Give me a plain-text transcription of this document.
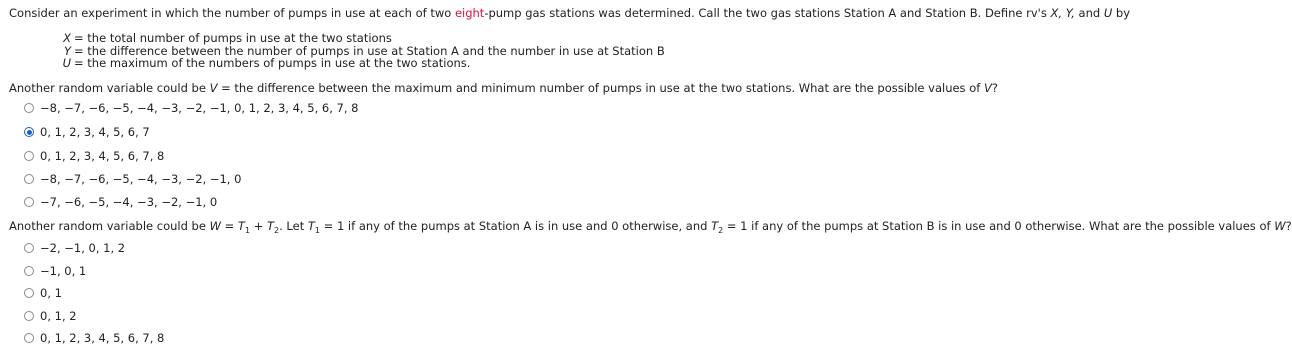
Consider an experiment in which the number of pumps in use at each of two eight-pump gas stations was determined. Call the two gas stations Station A and Station B. Define rv's X, Y, and U by
X = the total number of pumps in use at the two stations
Y = the difference between the number of pumps in use at Station A and the number in use at Station B
U = the maximum of the numbers of pumps in use at the two stations.
Another random variable could be V = the difference between the maximum and minimum number of pumps in use at the two stations. What are the possible values of V?
−8, −7, −6, −5, −4, −3, −2, −1, 0, 1, 2, 3, 4, 5, 6, 7, 8
0, 1, 2, 3, 4, 5, 6, 7
0, 1, 2, 3, 4, 5, 6, 7, 8
−8, −7, −6, −5, −4, −3, −2, −1, 0
−7, −6, −5, −4, −3, −2, −1, 0
Another random variable could be $W = T_1 + T_2$. Let $T_1 = 1$ if any of the pumps at Station A is in use and 0 otherwise, and $T_2 = 1$ if any of the pumps at Station B is in use and 0 otherwise. What are the possible values of W?
−2, −1, 0, 1, 2
−1, 0, 1
0, 1
0, 1, 2
0, 1, 2, 3, 4, 5, 6, 7, 8
